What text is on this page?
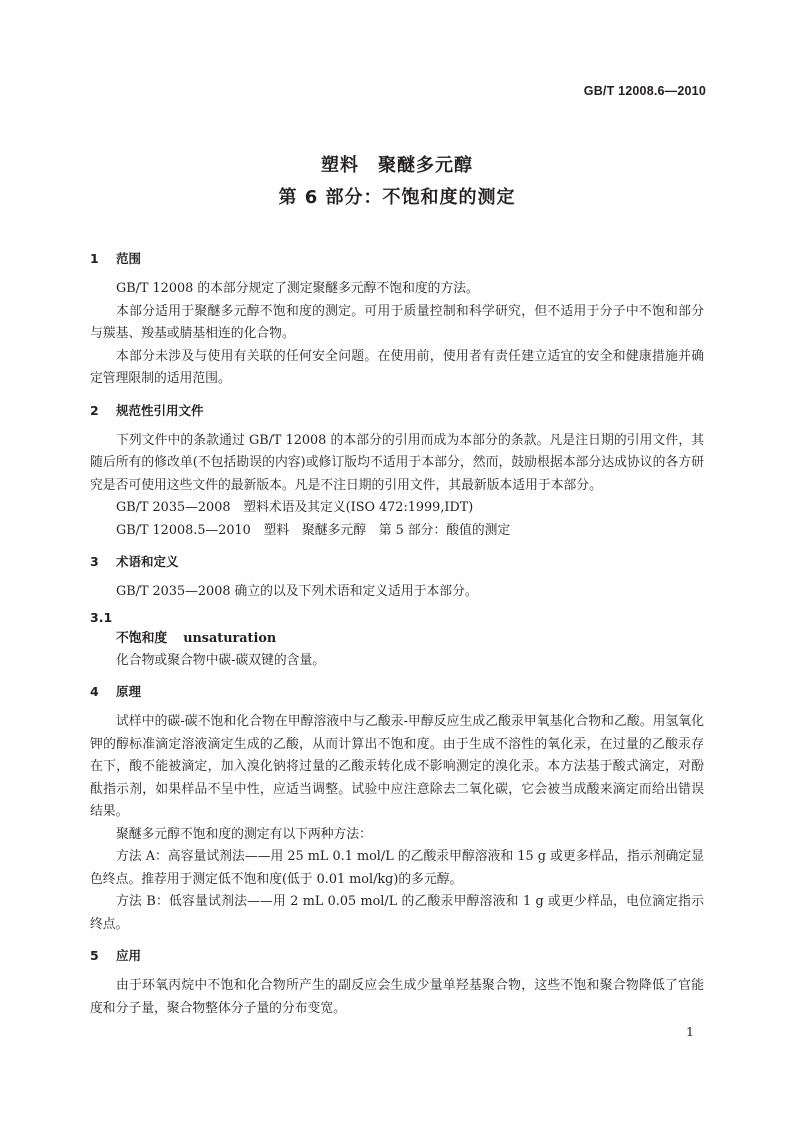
GB/T 12008.6—2010
塑料　聚醚多元醇
第 6 部分：不饱和度的测定
1 范围

GB/T 12008 的本部分规定了测定聚醚多元醇不饱和度的方法。

本部分适用于聚醚多元醇不饱和度的测定。可用于质量控制和科学研究，但不适用于分子中不饱和部分与羰基、羧基或腈基相连的化合物。

本部分未涉及与使用有关联的任何安全问题。在使用前，使用者有责任建立适宜的安全和健康措施并确定管理限制的适用范围。

2 规范性引用文件

下列文件中的条款通过 GB/T 12008 的本部分的引用而成为本部分的条款。凡是注日期的引用文件，其随后所有的修改单(不包括勘误的内容)或修订版均不适用于本部分，然而，鼓励根据本部分达成协议的各方研究是否可使用这些文件的最新版本。凡是不注日期的引用文件，其最新版本适用于本部分。

GB/T 2035—2008　塑料术语及其定义(ISO 472:1999,IDT)

GB/T 12008.5—2010　塑料　聚醚多元醇　第 5 部分：酸值的测定

3 术语和定义

GB/T 2035—2008 确立的以及下列术语和定义适用于本部分。

3.1
不饱和度 unsaturation

化合物或聚合物中碳-碳双键的含量。

4 原理

试样中的碳-碳不饱和化合物在甲醇溶液中与乙酸汞-甲醇反应生成乙酸汞甲氧基化合物和乙酸。用氢氧化钾的醇标准滴定溶液滴定生成的乙酸，从而计算出不饱和度。由于生成不溶性的氧化汞，在过量的乙酸汞存在下，酸不能被滴定，加入溴化钠将过量的乙酸汞转化成不影响测定的溴化汞。本方法基于酸式滴定，对酚酞指示剂，如果样品不呈中性，应适当调整。试验中应注意除去二氧化碳，它会被当成酸来滴定而给出错误结果。

聚醚多元醇不饱和度的测定有以下两种方法：

方法 A：高容量试剂法——用 25 mL 0.1 mol/L 的乙酸汞甲醇溶液和 15 g 或更多样品，指示剂确定显色终点。推荐用于测定低不饱和度(低于 0.01 mol/kg)的多元醇。

方法 B：低容量试剂法——用 2 mL 0.05 mol/L 的乙酸汞甲醇溶液和 1 g 或更少样品，电位滴定指示终点。

5 应用

由于环氧丙烷中不饱和化合物所产生的副反应会生成少量单羟基聚合物，这些不饱和聚合物降低了官能度和分子量，聚合物整体分子量的分布变宽。

1
